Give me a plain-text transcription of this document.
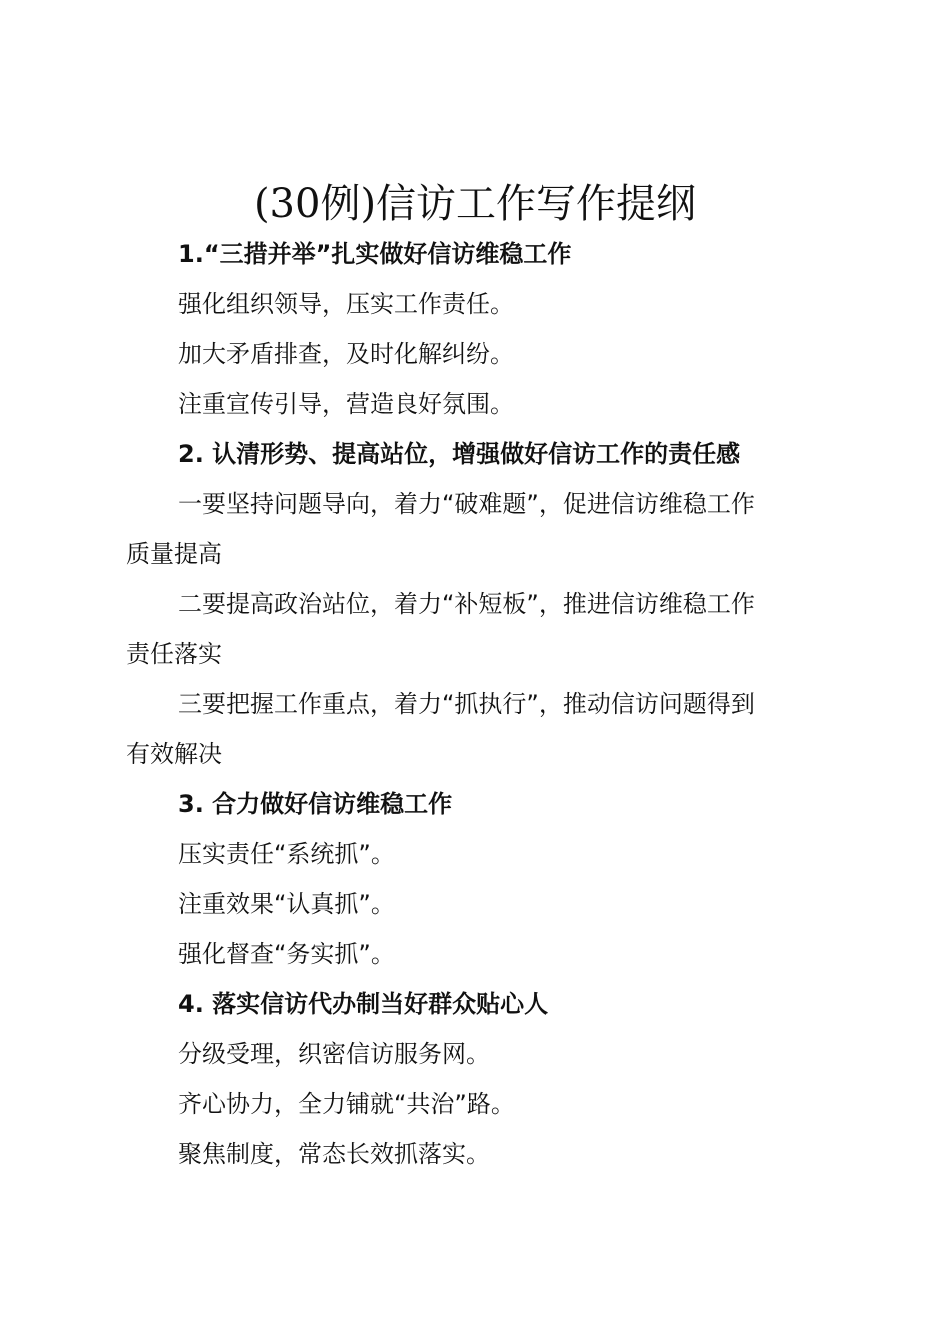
(30例)信访工作写作提纲
1.“三措并举”扎实做好信访维稳工作
强化组织领导，压实工作责任。
加大矛盾排查，及时化解纠纷。
注重宣传引导，营造良好氛围。
2. 认清形势、提高站位，增强做好信访工作的责任感
一要坚持问题导向，着力“破难题”，促进信访维稳工作
质量提高
二要提高政治站位，着力“补短板”，推进信访维稳工作
责任落实
三要把握工作重点，着力“抓执行”，推动信访问题得到
有效解决
3. 合力做好信访维稳工作
压实责任“系统抓”。
注重效果“认真抓”。
强化督查“务实抓”。
4. 落实信访代办制当好群众贴心人
分级受理，织密信访服务网。
齐心协力，全力铺就“共治”路。
聚焦制度，常态长效抓落实。
